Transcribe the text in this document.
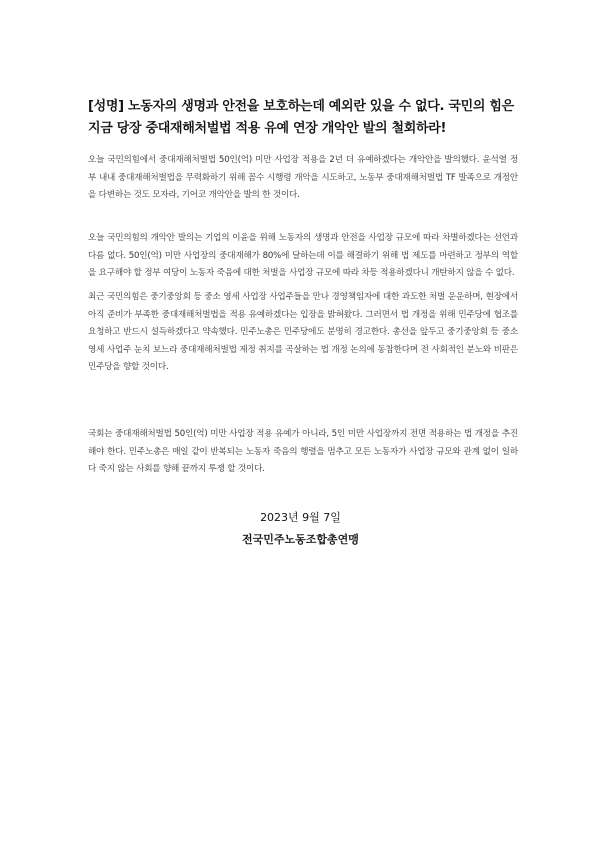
[성명] 노동자의 생명과 안전을 보호하는데 예외란 있을 수 없다. 국민의 힘은 지금 당장 중대재해처벌법 적용 유예 연장 개악안 발의 철회하라!

오늘 국민의힘에서 중대재해처벌법 50인(억) 미만 사업장 적용을 2년 더 유예하겠다는 개악안을 발의했다. 윤석열 정부 내내 중대재해처벌법을 무력화하기 위해 꼼수 시행령 개악을 시도하고, 노동부 중대재해처벌법 TF 발족으로 개정안을 다변하는 것도 모자라, 기어코 개악안을 발의 한 것이다.

오늘 국민의힘의 개악안 발의는 기업의 이윤을 위해 노동자의 생명과 안전을 사업장 규모에 따라 차별하겠다는 선언과 다름 없다. 50인(억) 미만 사업장의 중대재해가 80%에 달하는데 이를 해결하기 위해 법 제도를 마련하고 정부의 역할을 요구해야 할 정부 여당이 노동자 죽음에 대한 처벌을 사업장 규모에 따라 차등 적용하겠다니 개탄하지 않을 수 없다.

최근 국민의힘은 중기중앙회 등 중소 영세 사업장 사업주들을 만나 경영책임자에 대한 과도한 처벌 운운하며, 현장에서 아직 준비가 부족한 중대재해처벌법을 적용 유예하겠다는 입장을 밝혀왔다. 그러면서 법 개정을 위해 민주당에 협조를 요청하고 반드시 설득하겠다고 약속했다. 민주노총은 민주당에도 분명히 경고한다. 총선을 앞두고 중기중앙회 등 중소영세 사업주 눈치 보느라 중대재해처벌법 제정 취지를 곡살하는 법 개정 논의에 동참한다며 전 사회적인 분노와 비판은 민주당을 향할 것이다.

국회는 중대재해처벌법 50인(억) 미만 사업장 적용 유예가 아니라, 5인 미만 사업장까지 전면 적용하는 법 개정을 추진해야 한다. 민주노총은 매일 같이 반복되는 노동자 죽음의 행렬을 멈추고 모든 노동자가 사업장 규모와 관계 없이 일하다 죽지 않는 사회를 향해 끝까지 투쟁 할 것이다.

2023년 9월 7일

전국민주노동조합총연맹
